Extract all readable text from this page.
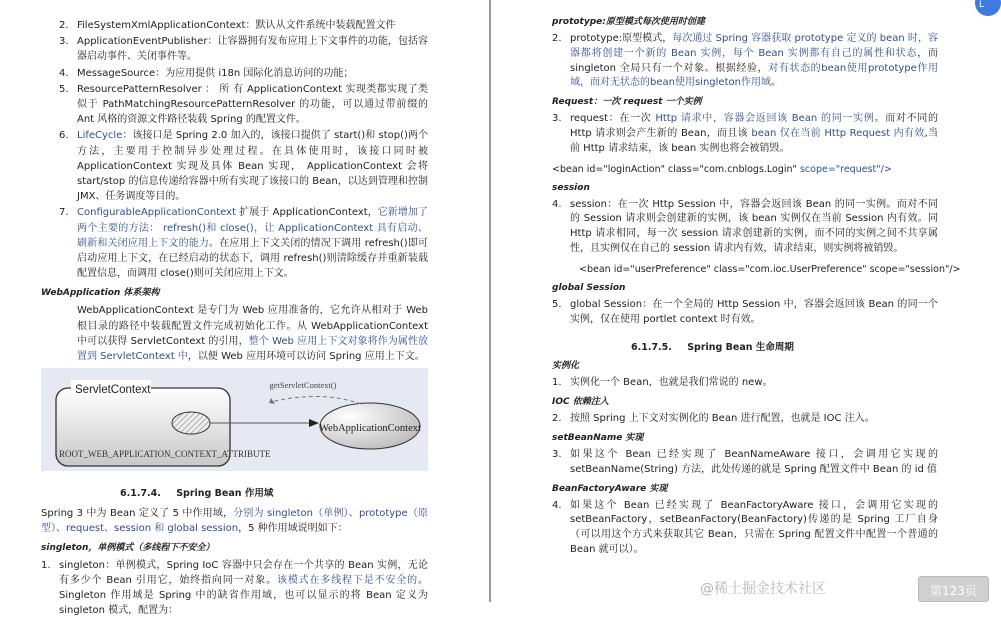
2. FileSystemXmlApplicationContext：默认从文件系统中装载配置文件
3. ApplicationEventPublisher：让容器拥有发布应用上下文事件的功能，包括容器启动事件、关闭事件等。
4. MessageSource：为应用提供 i18n 国际化消息访问的功能；
5. ResourcePatternResolver ： 所 有 ApplicationContext 实现类都实现了类似于 PathMatchingResourcePatternResolver 的功能，可以通过带前缀的 Ant 风格的资源文件路径装载 Spring 的配置文件。
6. LifeCycle：该接口是 Spring 2.0 加入的，该接口提供了 start()和 stop()两个方法，主要用于控制异步处理过程。在具体使用时，该接口同时被 ApplicationContext 实现及具体 Bean 实现， ApplicationContext 会将 start/stop 的信息传递给容器中所有实现了该接口的 Bean，以达到管理和控制 JMX、任务调度等目的。
7. ConfigurableApplicationContext 扩展于 ApplicationContext，它新增加了两个主要的方法： refresh()和 close()，让 ApplicationContext 具有启动、刷新和关闭应用上下文的能力。在应用上下文关闭的情况下调用 refresh()即可启动应用上下文，在已经启动的状态下，调用 refresh()则清除缓存并重新装载配置信息，而调用 close()则可关闭应用上下文。
WebApplication 体系架构
WebApplicationContext 是专门为 Web 应用准备的，它允许从相对于 Web 根目录的路径中装载配置文件完成初始化工作。从 WebApplicationContext 中可以获得 ServletContext 的引用，整个 Web 应用上下文对象将作为属性放置到 ServletContext 中，以便 Web 应用环境可以访问 Spring 应用上下文。
ServletContext
WebApplicationContext
getServletContext()
ROOT_WEB_APPLICATION_CONTEXT_ATTRIBUTE
6.1.7.4. Spring Bean 作用域
Spring 3 中为 Bean 定义了 5 中作用域，分别为 singleton（单例）、prototype（原型）、request、session 和 global session，5 种作用域说明如下：
singleton，单例模式（多线程下不安全）
1. singleton：单例模式，Spring IoC 容器中只会存在一个共享的 Bean 实例，无论有多少个 Bean 引用它，始终指向同一对象。该模式在多线程下是不安全的。Singleton 作用域是 Spring 中的缺省作用域，也可以显示的将 Bean 定义为 singleton 模式，配置为：
prototype:原型模式每次使用时创建
2. prototype:原型模式，每次通过 Spring 容器获取 prototype 定义的 bean 时，容器都将创建一个新的 Bean 实例，每个 Bean 实例都有自己的属性和状态，而 singleton 全局只有一个对象。根据经验，对有状态的bean使用prototype作用域，而对无状态的bean使用singleton作用域。
Request：一次 request 一个实例
3. request：在一次 Http 请求中，容器会返回该 Bean 的同一实例。而对不同的 Http 请求则会产生新的 Bean，而且该 bean 仅在当前 Http Request 内有效,当前 Http 请求结束，该 bean 实例也将会被销毁。
<bean id="loginAction" class="com.cnblogs.Login" scope="request"/>
session
4. session：在一次 Http Session 中，容器会返回该 Bean 的同一实例。而对不同的 Session 请求则会创建新的实例，该 bean 实例仅在当前 Session 内有效。同 Http 请求相同，每一次 session 请求创建新的实例，而不同的实例之间不共享属性，且实例仅在自己的 session 请求内有效，请求结束，则实例将被销毁。
<bean id="userPreference" class="com.ioc.UserPreference" scope="session"/>
global Session
5. global Session：在一个全局的 Http Session 中，容器会返回该 Bean 的同一个实例，仅在使用 portlet context 时有效。
6.1.7.5. Spring Bean 生命周期
实例化
1. 实例化一个 Bean，也就是我们常说的 new。
IOC 依赖注入
2. 按照 Spring 上下文对实例化的 Bean 进行配置，也就是 IOC 注入。
setBeanName 实现
3. 如果这个 Bean 已经实现了 BeanNameAware 接口，会调用它实现的 setBeanName(String) 方法，此处传递的就是 Spring 配置文件中 Bean 的 id 值
BeanFactoryAware 实现
4. 如果这个 Bean 已经实现了 BeanFactoryAware 接口，会调用它实现的 setBeanFactory，setBeanFactory(BeanFactory)传递的是 Spring 工厂自身（可以用这个方式来获取其它 Bean，只需在 Spring 配置文件中配置一个普通的 Bean 就可以）。
L
@稀土掘金技术社区	第123页
